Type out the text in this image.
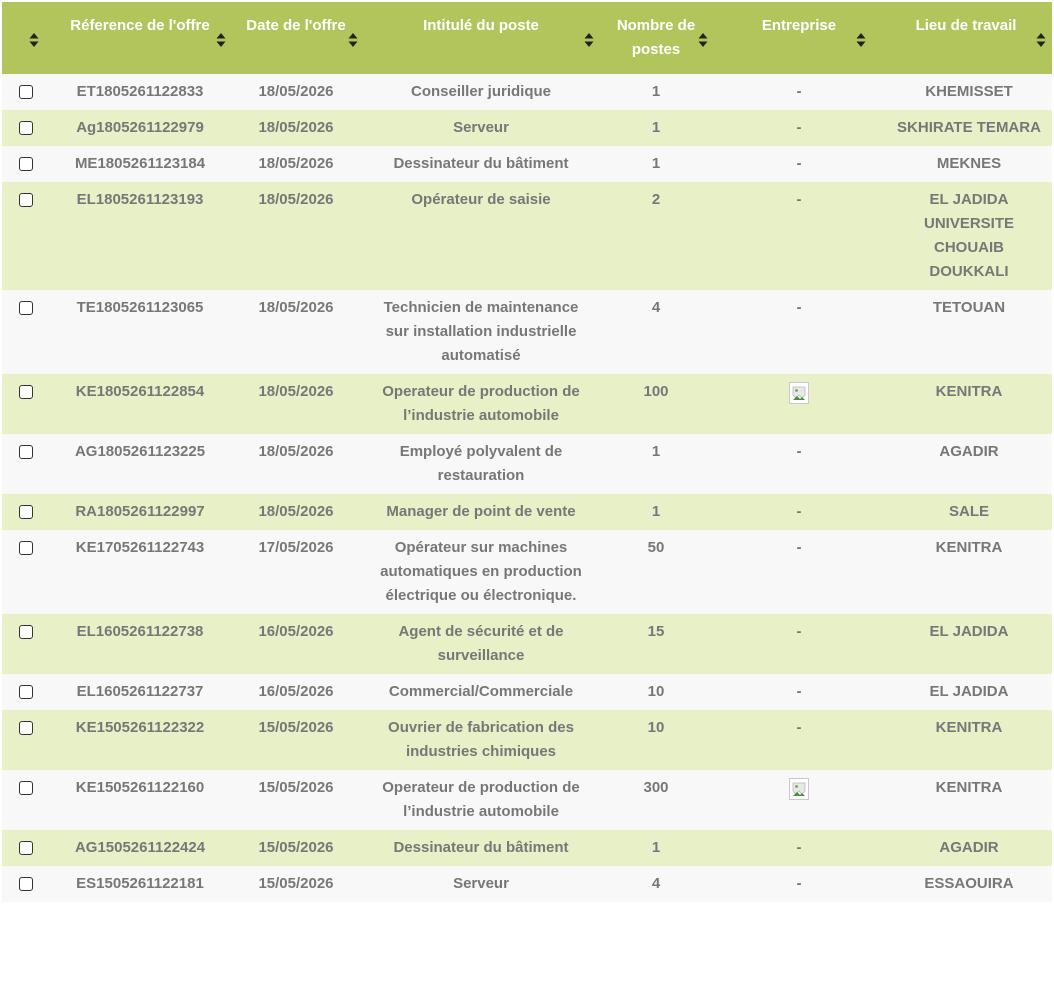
Réference de l'offre	Date de l'offre	Intitulé du poste	Nombre de postes	Entreprise	Lieu de travail

	ET1805261122833	18/05/2026	Conseiller juridique	1	-	KHEMISSET

	Ag1805261122979	18/05/2026	Serveur	1	-	SKHIRATE TEMARA

	ME1805261123184	18/05/2026	Dessinateur du bâtiment	1	-	MEKNES

	EL1805261123193	18/05/2026	Opérateur de saisie	2	-	EL JADIDA UNIVERSITE CHOUAIB DOUKKALI

	TE1805261123065	18/05/2026	Technicien de maintenance sur installation industrielle automatisé	4	-	TETOUAN

	KE1805261122854	18/05/2026	Operateur de production de l’industrie automobile	100		KENITRA

	AG1805261123225	18/05/2026	Employé polyvalent de restauration	1	-	AGADIR

	RA1805261122997	18/05/2026	Manager de point de vente	1	-	SALE

	KE1705261122743	17/05/2026	Opérateur sur machines automatiques en production électrique ou électronique.	50	-	KENITRA

	EL1605261122738	16/05/2026	Agent de sécurité et de surveillance	15	-	EL JADIDA

	EL1605261122737	16/05/2026	Commercial/Commerciale	10	-	EL JADIDA

	KE1505261122322	15/05/2026	Ouvrier de fabrication des industries chimiques	10	-	KENITRA

	KE1505261122160	15/05/2026	Operateur de production de l’industrie automobile	300		KENITRA

	AG1505261122424	15/05/2026	Dessinateur du bâtiment	1	-	AGADIR

	ES1505261122181	15/05/2026	Serveur	4	-	ESSAOUIRA
